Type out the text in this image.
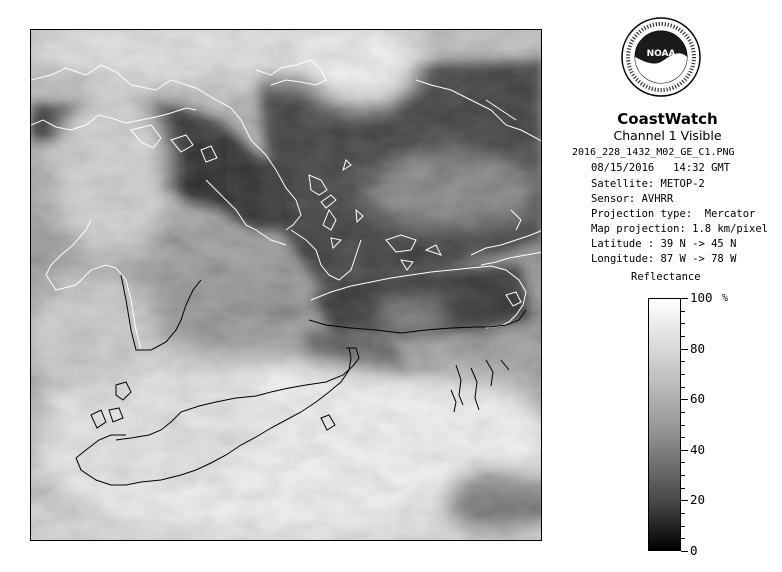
NOAA
CoastWatch
Channel 1 Visible
2016_228_1432_M02_GE_C1.PNG
08/15/2016   14:32 GMT
Satellite: METOP-2
Sensor: AVHRR
Projection type:  Mercator
Map projection: 1.8 km/pixel
Latitude : 39 N -> 45 N
Longitude: 87 W -> 78 W
Reflectance
%
100
80
60
40
20
0
